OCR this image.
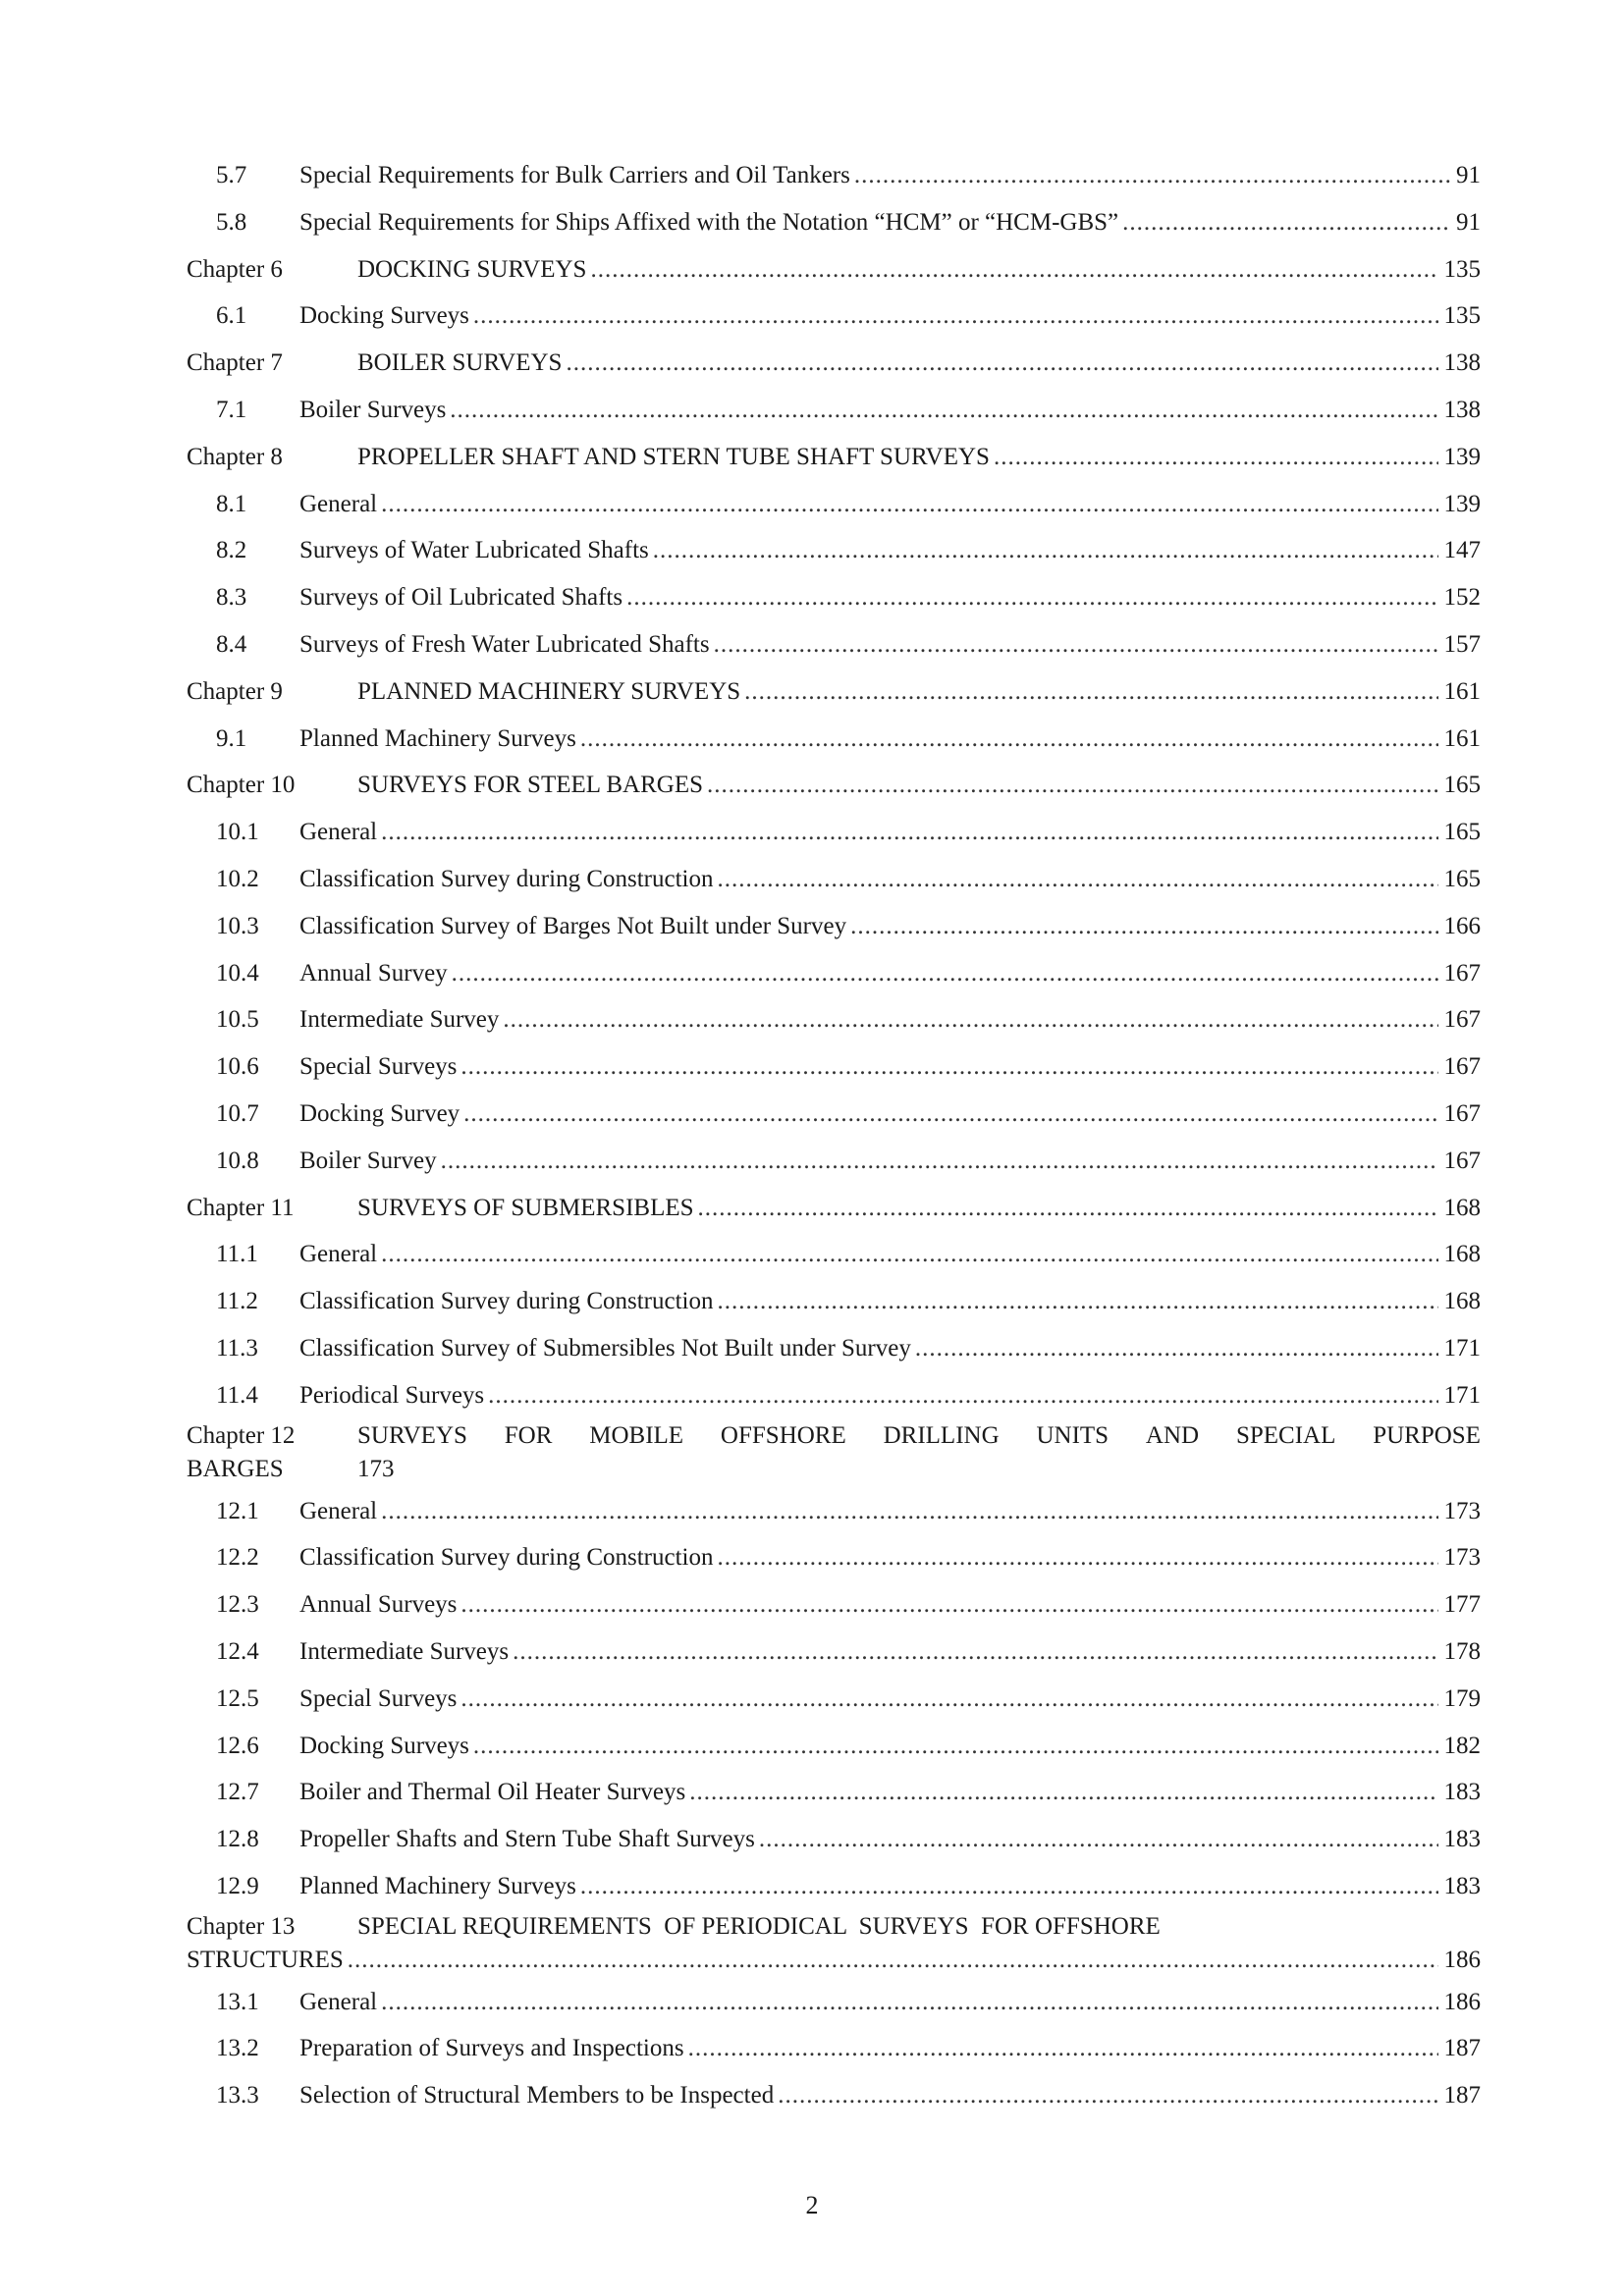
5.7	Special Requirements for Bulk Carriers and Oil Tankers .....	91
5.8	Special Requirements for Ships Affixed with the Notation “HCM” or “HCM-GBS” .....	91
Chapter 6	DOCKING SURVEYS .....	135
6.1	Docking Surveys .....	135
Chapter 7	BOILER SURVEYS .....	138
7.1	Boiler Surveys .....	138
Chapter 8	PROPELLER SHAFT AND STERN TUBE SHAFT SURVEYS .....	139
8.1	General .....	139
8.2	Surveys of Water Lubricated Shafts .....	147
8.3	Surveys of Oil Lubricated Shafts .....	152
8.4	Surveys of Fresh Water Lubricated Shafts .....	157
Chapter 9	PLANNED MACHINERY SURVEYS .....	161
9.1	Planned Machinery Surveys .....	161
Chapter 10	SURVEYS FOR STEEL BARGES .....	165
10.1	General .....	165
10.2	Classification Survey during Construction .....	165
10.3	Classification Survey of Barges Not Built under Survey .....	166
10.4	Annual Survey .....	167
10.5	Intermediate Survey .....	167
10.6	Special Surveys .....	167
10.7	Docking Survey .....	167
10.8	Boiler Survey .....	167
Chapter 11	SURVEYS OF SUBMERSIBLES .....	168
11.1	General .....	168
11.2	Classification Survey during Construction .....	168
11.3	Classification Survey of Submersibles Not Built under Survey .....	171
11.4	Periodical Surveys .....	171
Chapter 12	SURVEYS FOR MOBILE OFFSHORE DRILLING UNITS AND SPECIAL PURPOSE
BARGES	173
12.1	General .....	173
12.2	Classification Survey during Construction .....	173
12.3	Annual Surveys .....	177
12.4	Intermediate Surveys .....	178
12.5	Special Surveys .....	179
12.6	Docking Surveys .....	182
12.7	Boiler and Thermal Oil Heater Surveys .....	183
12.8	Propeller Shafts and Stern Tube Shaft Surveys .....	183
12.9	Planned Machinery Surveys .....	183
Chapter 13	SPECIAL REQUIREMENTS  OF PERIODICAL  SURVEYS  FOR OFFSHORE
STRUCTURES .....	186
13.1	General .....	186
13.2	Preparation of Surveys and Inspections .....	187
13.3	Selection of Structural Members to be Inspected .....	187
2
